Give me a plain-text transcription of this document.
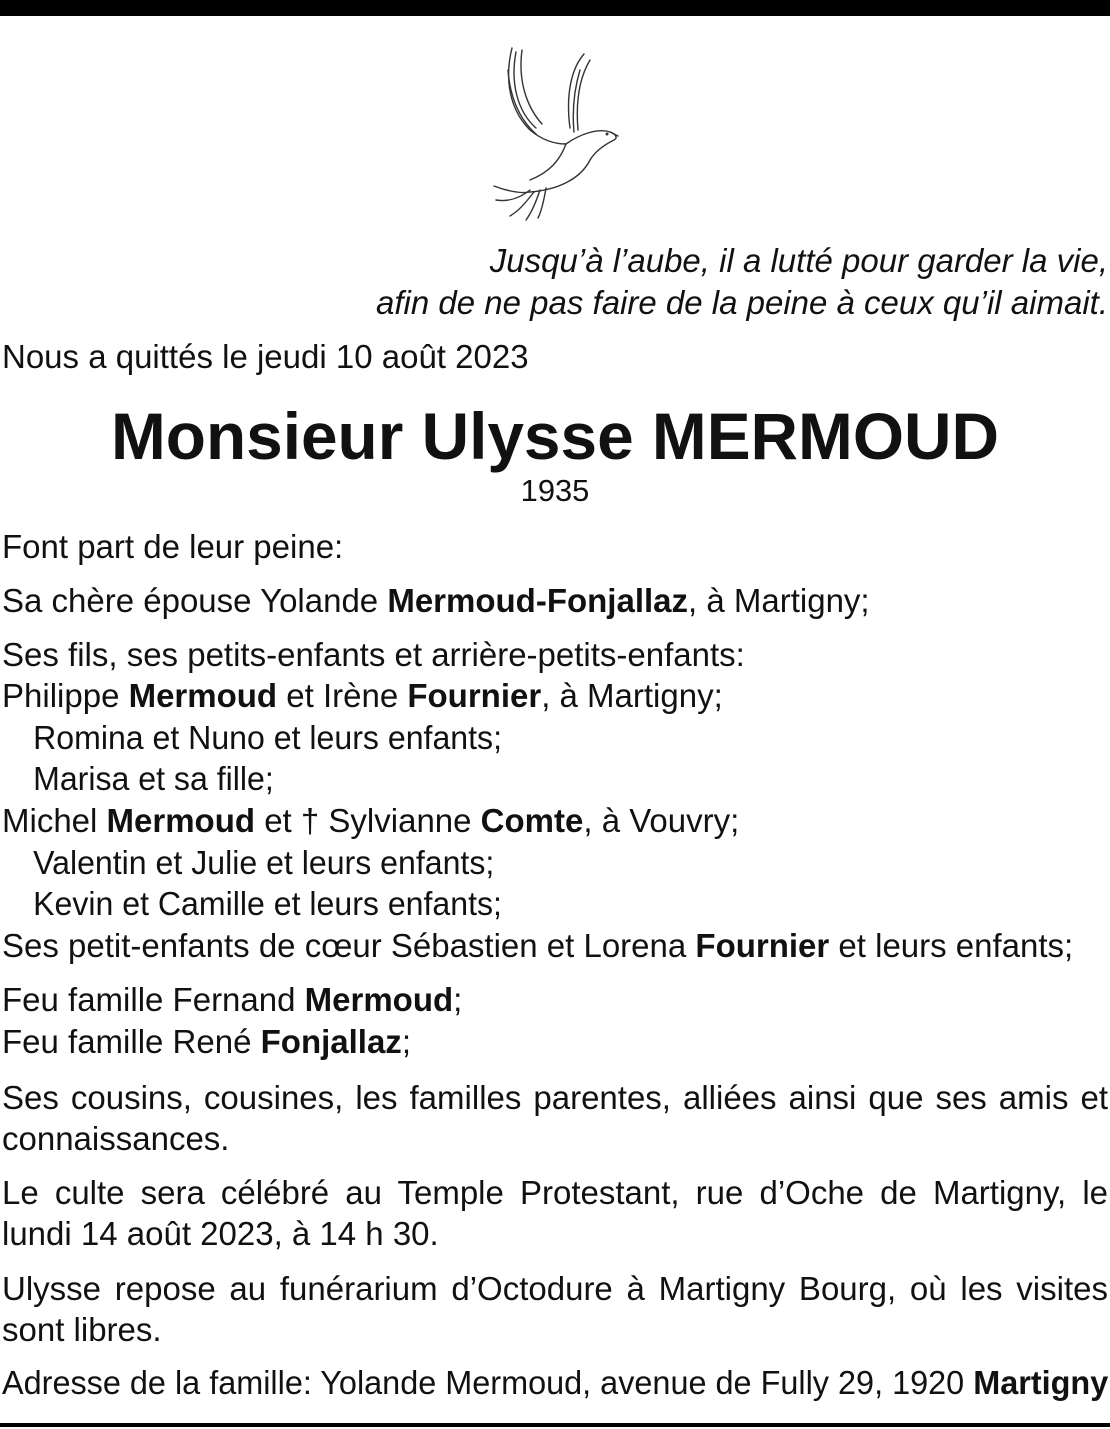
Jusqu’à l’aube, il a lutté pour garder la vie,
afin de ne pas faire de la peine à ceux qu’il aimait.
Nous a quittés le jeudi 10 août 2023
Monsieur Ulysse MERMOUD
1935
Font part de leur peine:
Sa chère épouse Yolande Mermoud-Fonjallaz, à Martigny;
Ses fils, ses petits-enfants et arrière-petits-enfants:
Philippe Mermoud et Irène Fournier, à Martigny;
Romina et Nuno et leurs enfants;
Marisa et sa fille;
Michel Mermoud et † Sylvianne Comte, à Vouvry;
Valentin et Julie et leurs enfants;
Kevin et Camille et leurs enfants;
Ses petit-enfants de cœur Sébastien et Lorena Fournier et leurs enfants;
Feu famille Fernand Mermoud;
Feu famille René Fonjallaz;
Ses cousins, cousines, les familles parentes, alliées ainsi que ses amis et connaissances.
Le culte sera célébré au Temple Protestant, rue d’Oche de Martigny, le lundi 14 août 2023, à 14 h 30.
Ulysse repose au funérarium d’Octodure à Martigny Bourg, où les visites sont libres.
Adresse de la famille: Yolande Mermoud, avenue de Fully 29, 1920 Martigny
